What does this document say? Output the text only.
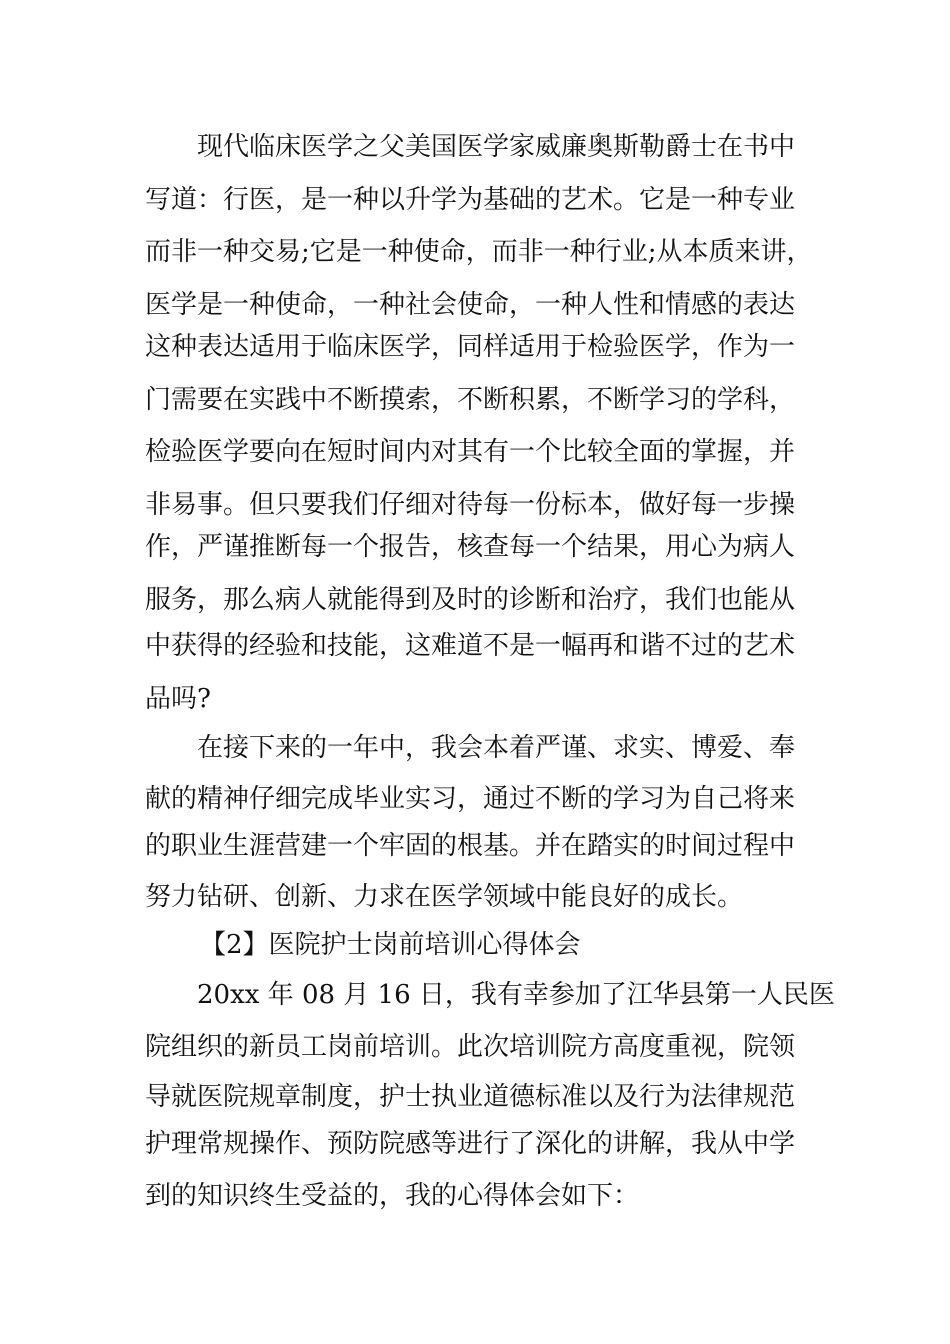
现代临床医学之父美国医学家威廉奥斯勒爵士在书中
写道：行医，是一种以升学为基础的艺术。它是一种专业
而非一种交易;它是一种使命，而非一种行业;从本质来讲，
医学是一种使命，一种社会使命，一种人性和情感的表达
这种表达适用于临床医学，同样适用于检验医学，作为一
门需要在实践中不断摸索，不断积累，不断学习的学科，
检验医学要向在短时间内对其有一个比较全面的掌握，并
非易事。但只要我们仔细对待每一份标本，做好每一步操
作，严谨推断每一个报告，核查每一个结果，用心为病人
服务，那么病人就能得到及时的诊断和治疗，我们也能从
中获得的经验和技能，这难道不是一幅再和谐不过的艺术
品吗?
在接下来的一年中，我会本着严谨、求实、博爱、奉
献的精神仔细完成毕业实习，通过不断的学习为自己将来
的职业生涯营建一个牢固的根基。并在踏实的时间过程中
努力钻研、创新、力求在医学领域中能良好的成长。
【2】医院护士岗前培训心得体会
20xx 年 08 月 16 日，我有幸参加了江华县第一人民医
院组织的新员工岗前培训。此次培训院方高度重视，院领
导就医院规章制度，护士执业道德标准以及行为法律规范
护理常规操作、预防院感等进行了深化的讲解，我从中学
到的知识终生受益的，我的心得体会如下：
